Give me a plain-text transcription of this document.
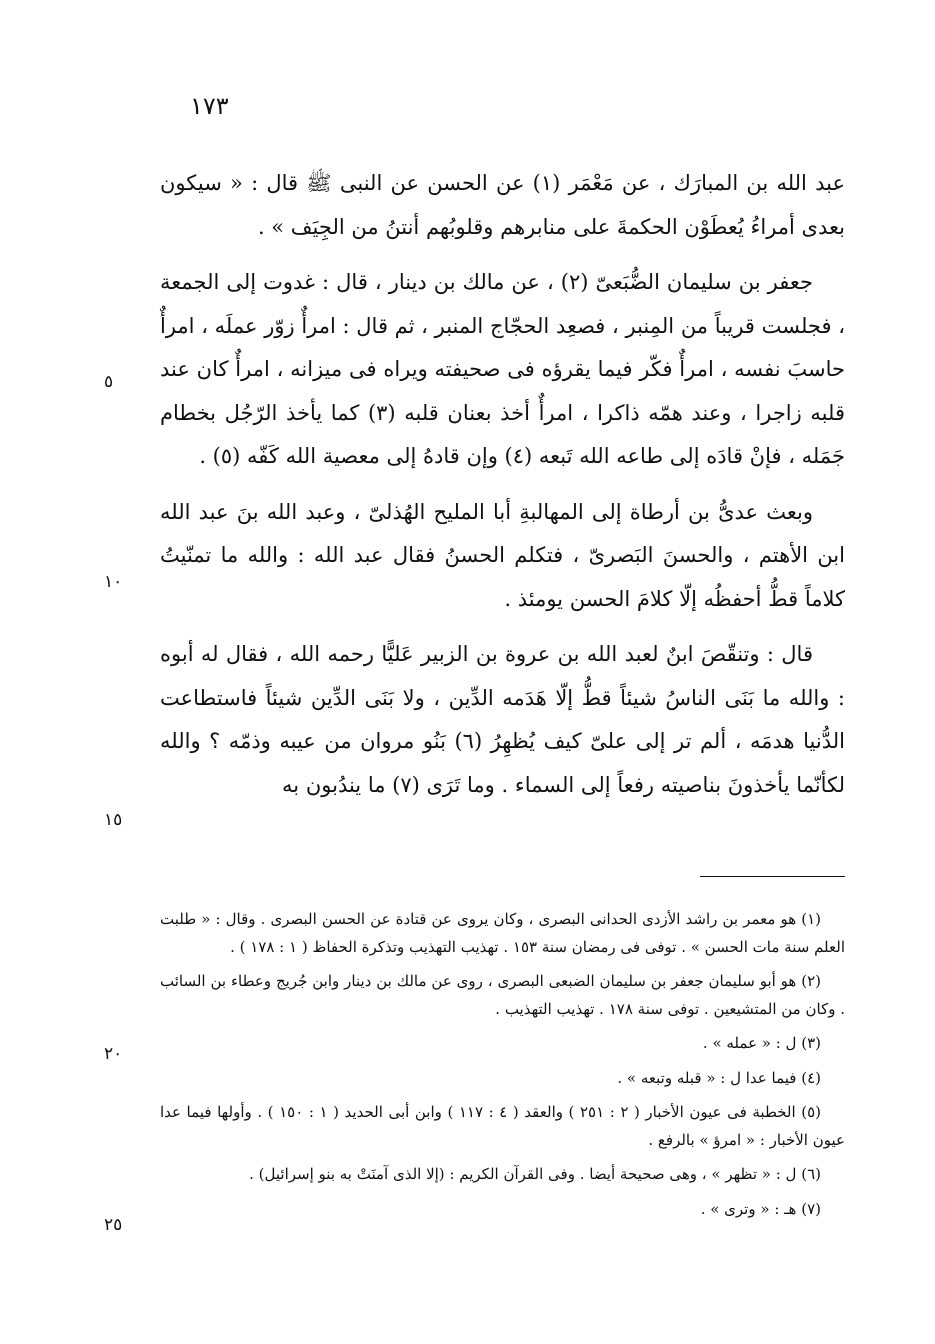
١٧٣

عبد الله بن المبارَك ، عن مَعْمَر (١) عن الحسن عن النبى ﷺ قال : « سيكون بعدى أمراءُ يُعطَوْن الحكمةَ على منابرهم وقلوبُهم أنتنُ من الجِيَف » .

جعفر بن سليمان الضُّبَعىّ (٢) ، عن مالك بن دينار ، قال : غدوت إلى الجمعة ، فجلست قريباً من المِنبر ، فصعِد الحجّاج المنبر ، ثم قال : امرأٌ زوّر عملَه ، امرأٌ حاسبَ نفسه ، امرأٌ فكّر فيما يقرؤه فى صحيفته ويراه فى ميزانه ، امرأٌ كان عند قلبه زاجرا ، وعند همّه ذاكرا ، امرأٌ أخذ بعنان قلبه (٣) كما يأخذ الرّجُل بخطام جَمَله ، فإنْ قادَه إلى طاعه الله تَبعه (٤) وإن قادهُ إلى معصية الله كَفّه (٥) .

وبعث عدىُّ بن أرطاة إلى المهالبةِ أبا المليح الهُذلىّ ، وعبد الله بنَ عبد الله ابن الأهتم ، والحسنَ البَصرىّ ، فتكلم الحسنُ فقال عبد الله : والله ما تمنّيتُ كلاماً قطُّ أحفظُه إلّا كلامَ الحسن يومئذ .

قال : وتنقّصَ ابنٌ لعبد الله بن عروة بن الزبير عَليًّا رحمه الله ، فقال له أبوه : والله ما بَنَى الناسُ شيئاً قطُّ إلّا هَدَمه الدِّين ، ولا بَنَى الدِّين شيئاً فاستطاعت الدُّنيا هدمَه ، ألم تر إلى علىّ كيف يُظهِرُ (٦) بَنُو مروان من عيبه وذمّه ؟ والله لكأنّما يأخذونَ بناصيته رفعاً إلى السماء . وما تَرَى (٧) ما يندُبون به

٥
١٠
١٥
٢٠
٢٥

(١) هو معمر بن راشد الأزدى الحدانى البصرى ، وكان يروى عن قتادة عن الحسن البصرى . وقال : « طلبت العلم سنة مات الحسن » . توفى فى رمضان سنة ١٥٣ . تهذيب التهذيب وتذكرة الحفاظ ( ١ : ١٧٨ ) .

(٢) هو أبو سليمان جعفر بن سليمان الضبعى البصرى ، روى عن مالك بن دينار وابن جُريج وعطاء بن السائب . وكان من المتشيعين . توفى سنة ١٧٨ . تهذيب التهذيب .

(٣) ل : « عمله » .

(٤) فيما عدا ل : « قبله وتبعه » .

(٥) الخطبة فى عيون الأخبار ( ٢ : ٢٥١ ) والعقد ( ٤ : ١١٧ ) وابن أبى الحديد ( ١ : ١٥٠ ) . وأولها فيما عدا عيون الأخبار : « امرؤ » بالرفع .

(٦) ل : « تظهر » ، وهى صحيحة أيضا . وفى القرآن الكريم : (إلا الذى آمنَتْ به بنو إسرائيل) .

(٧) هـ : « وترى » .
